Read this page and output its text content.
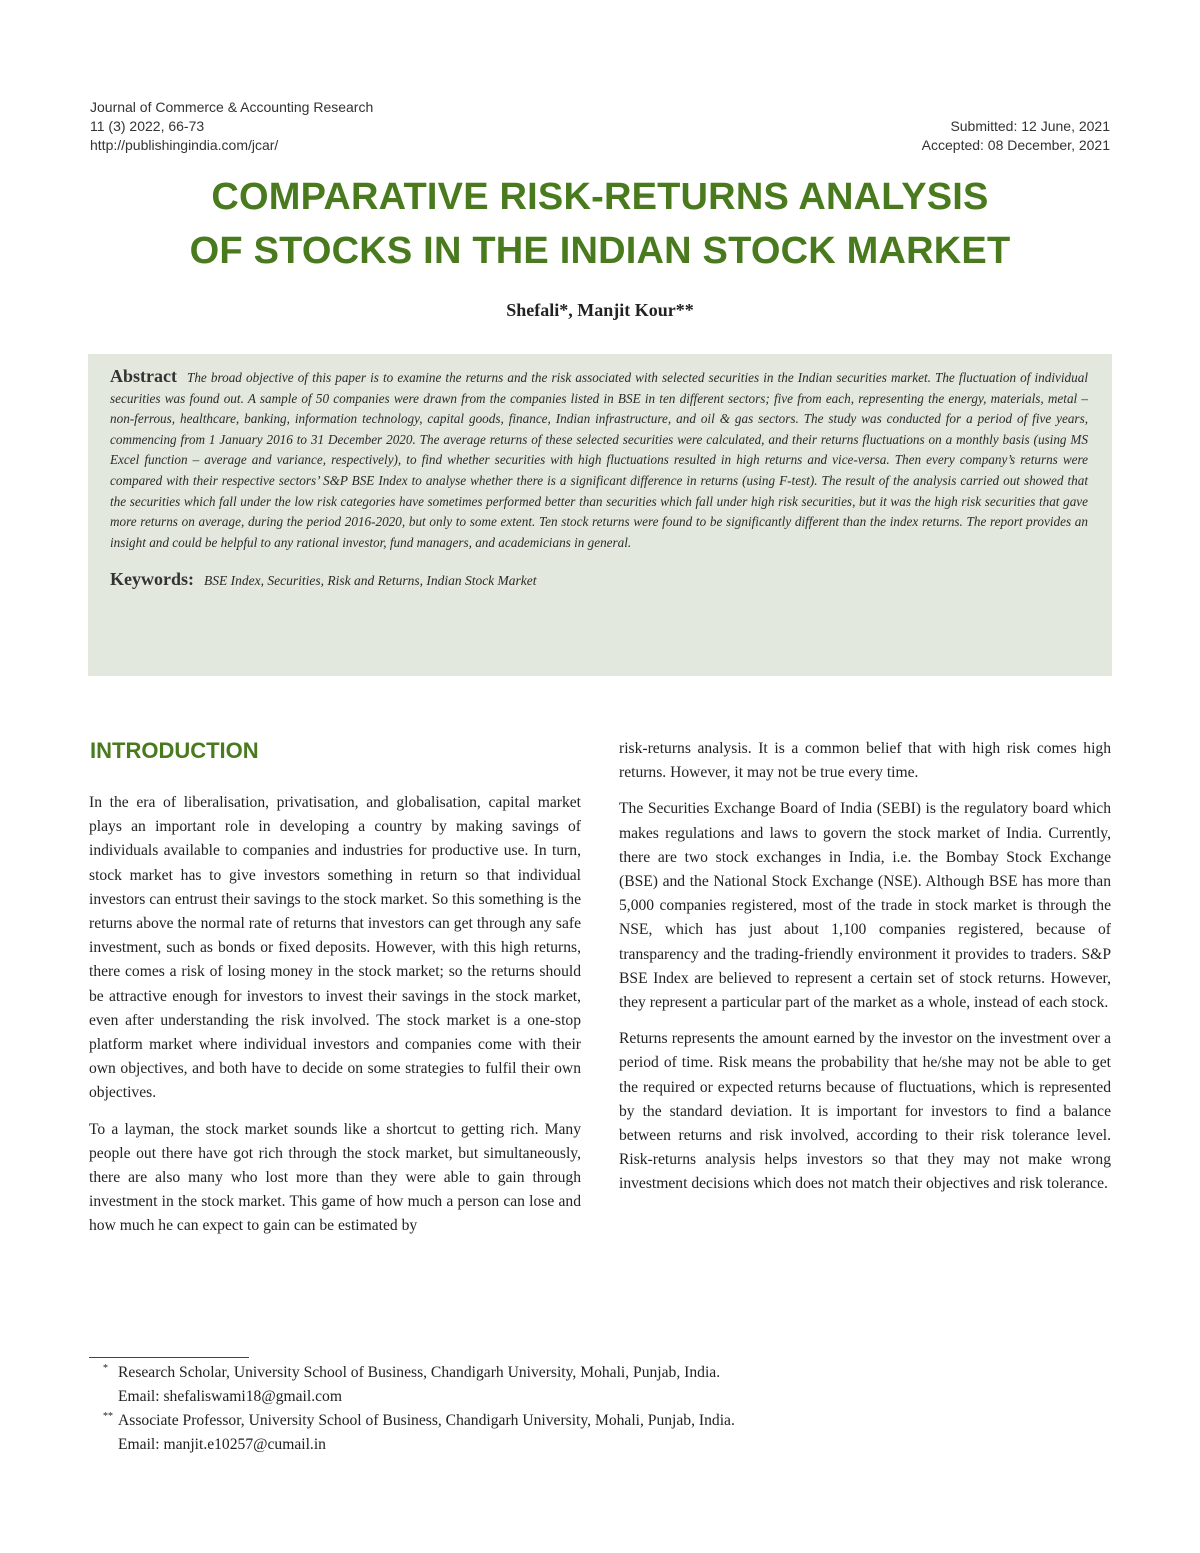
Journal of Commerce & Accounting Research
11 (3) 2022, 66-73
http://publishingindia.com/jcar/
Submitted: 12 June, 2021
Accepted: 08 December, 2021
COMPARATIVE RISK-RETURNS ANALYSIS
OF STOCKS IN THE INDIAN STOCK MARKET
Shefali*, Manjit Kour**
Abstract The broad objective of this paper is to examine the returns and the risk associated with selected securities in the Indian securities market. The fluctuation of individual securities was found out. A sample of 50 companies were drawn from the companies listed in BSE in ten different sectors; five from each, representing the energy, materials, metal – non-ferrous, healthcare, banking, information technology, capital goods, finance, Indian infrastructure, and oil & gas sectors. The study was conducted for a period of five years, commencing from 1 January 2016 to 31 December 2020. The average returns of these selected securities were calculated, and their returns fluctuations on a monthly basis (using MS Excel function – average and variance, respectively), to find whether securities with high fluctuations resulted in high returns and vice-versa. Then every company’s returns were compared with their respective sectors’ S&P BSE Index to analyse whether there is a significant difference in returns (using F-test). The result of the analysis carried out showed that the securities which fall under the low risk categories have sometimes performed better than securities which fall under high risk securities, but it was the high risk securities that gave more returns on average, during the period 2016-2020, but only to some extent. Ten stock returns were found to be significantly different than the index returns. The report provides an insight and could be helpful to any rational investor, fund managers, and academicians in general.
Keywords: BSE Index, Securities, Risk and Returns, Indian Stock Market
INTRODUCTION

In the era of liberalisation, privatisation, and globalisation, capital market plays an important role in developing a country by making savings of individuals available to companies and industries for productive use. In turn, stock market has to give investors something in return so that individual investors can entrust their savings to the stock market. So this something is the returns above the normal rate of returns that investors can get through any safe investment, such as bonds or fixed deposits. However, with this high returns, there comes a risk of losing money in the stock market; so the returns should be attractive enough for investors to invest their savings in the stock market, even after understanding the risk involved. The stock market is a one-stop platform market where individual investors and companies come with their own objectives, and both have to decide on some strategies to fulfil their own objectives.

To a layman, the stock market sounds like a shortcut to getting rich. Many people out there have got rich through the stock market, but simultaneously, there are also many who lost more than they were able to gain through investment in the stock market. This game of how much a person can lose and how much he can expect to gain can be estimated by

risk-returns analysis. It is a common belief that with high risk comes high returns. However, it may not be true every time.

The Securities Exchange Board of India (SEBI) is the regulatory board which makes regulations and laws to govern the stock market of India. Currently, there are two stock exchanges in India, i.e. the Bombay Stock Exchange (BSE) and the National Stock Exchange (NSE). Although BSE has more than 5,000 companies registered, most of the trade in stock market is through the NSE, which has just about 1,100 companies registered, because of transparency and the trading-friendly environment it provides to traders. S&P BSE Index are believed to represent a certain set of stock returns. However, they represent a particular part of the market as a whole, instead of each stock.

Returns represents the amount earned by the investor on the investment over a period of time. Risk means the probability that he/she may not be able to get the required or expected returns because of fluctuations, which is represented by the standard deviation. It is important for investors to find a balance between returns and risk involved, according to their risk tolerance level. Risk-returns analysis helps investors so that they may not make wrong investment decisions which does not match their objectives and risk tolerance.

* Research Scholar, University School of Business, Chandigarh University, Mohali, Punjab, India.
Email: shefaliswami18@gmail.com
** Associate Professor, University School of Business, Chandigarh University, Mohali, Punjab, India.
Email: manjit.e10257@cumail.in
